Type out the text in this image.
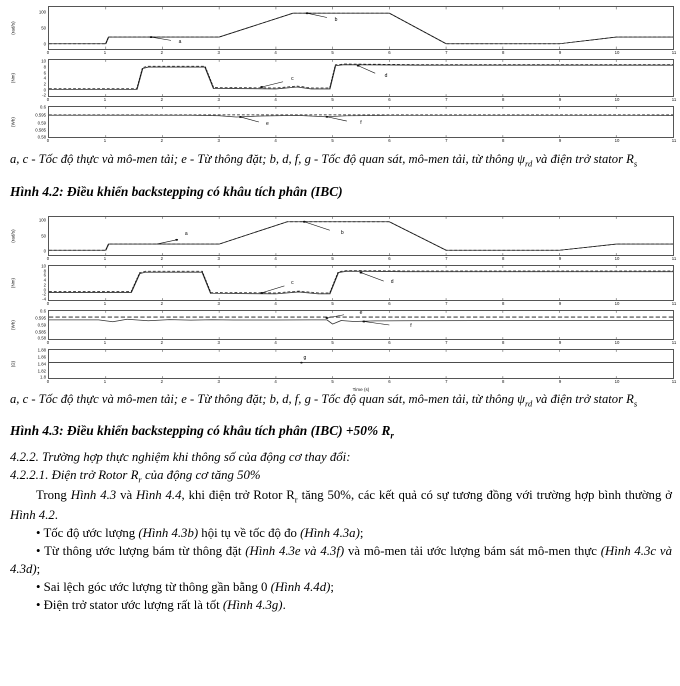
(rad/s)
100
50
0	a
b
0	1	2	3	4	5	6	7	8	9	10	11
(Nm)
10
8
6
4
2
0
-2
c	d
0	1	2	3	4	5	6	7	8	9	10	11
(Wb)
0.6
0.595
0.59
0.585
0.58
e	f
0	1	2	3	4	5	6	7	8	9	10	11
a, c - Tốc độ thực và mô-men tải; e - Từ thông đặt; b, d, f, g - Tốc độ quan sát, mô-men tải, từ thông $\psi_{rd}$ và điện trở stator $R_s$
Hình 4.2: Điều khiển backstepping có khâu tích phân (IBC)
(rad/s)
100
50
0
a	b
0	1	2	3	4	5	6	7	8	9	10	11
(Nm)
10
8
6
4
2
0
-2
-4
c	d
0	1	2	3	4	5	6	7	8	9	10	11
(Wb)
0.6
0.595
0.59
0.585
0.58
e
f
0	1	2	3	4	5	6	7	8	9	10	11
(Ω)
1.88
1.86
1.84
1.82
1.8
g
0	1	2	3	4	5	6	7	8	9	10	11
Time (s)
a, c - Tốc độ thực và mô-men tải; e - Từ thông đặt; b, d, f, g - Tốc độ quan sát, mô-men tải, từ thông $\psi_{rd}$ và điện trở stator $R_s$
Hình 4.3: Điều khiển backstepping có khâu tích phân (IBC) +50% $R_r$
4.2.2. Trường hợp thực nghiệm khi thông số của động cơ thay đổi:
4.2.2.1. Điện trở Rotor $R_r$ của động cơ tăng 50%
Trong Hình 4.3 và Hình 4.4, khi điện trở Rotor $R_r$ tăng 50%, các kết quả có sự tương đồng với trường hợp bình thường ở Hình 4.2.
• Tốc độ ước lượng (Hình 4.3b) hội tụ về tốc độ đo (Hình 4.3a);
• Từ thông ước lượng bám từ thông đặt (Hình 4.3e và 4.3f) và mô-men tải ước lượng bám sát mô-men thực (Hình 4.3c và 4.3d);
• Sai lệch góc ước lượng từ thông gần bằng 0 (Hình 4.4d);
• Điện trở stator ước lượng rất là tốt (Hình 4.3g).
